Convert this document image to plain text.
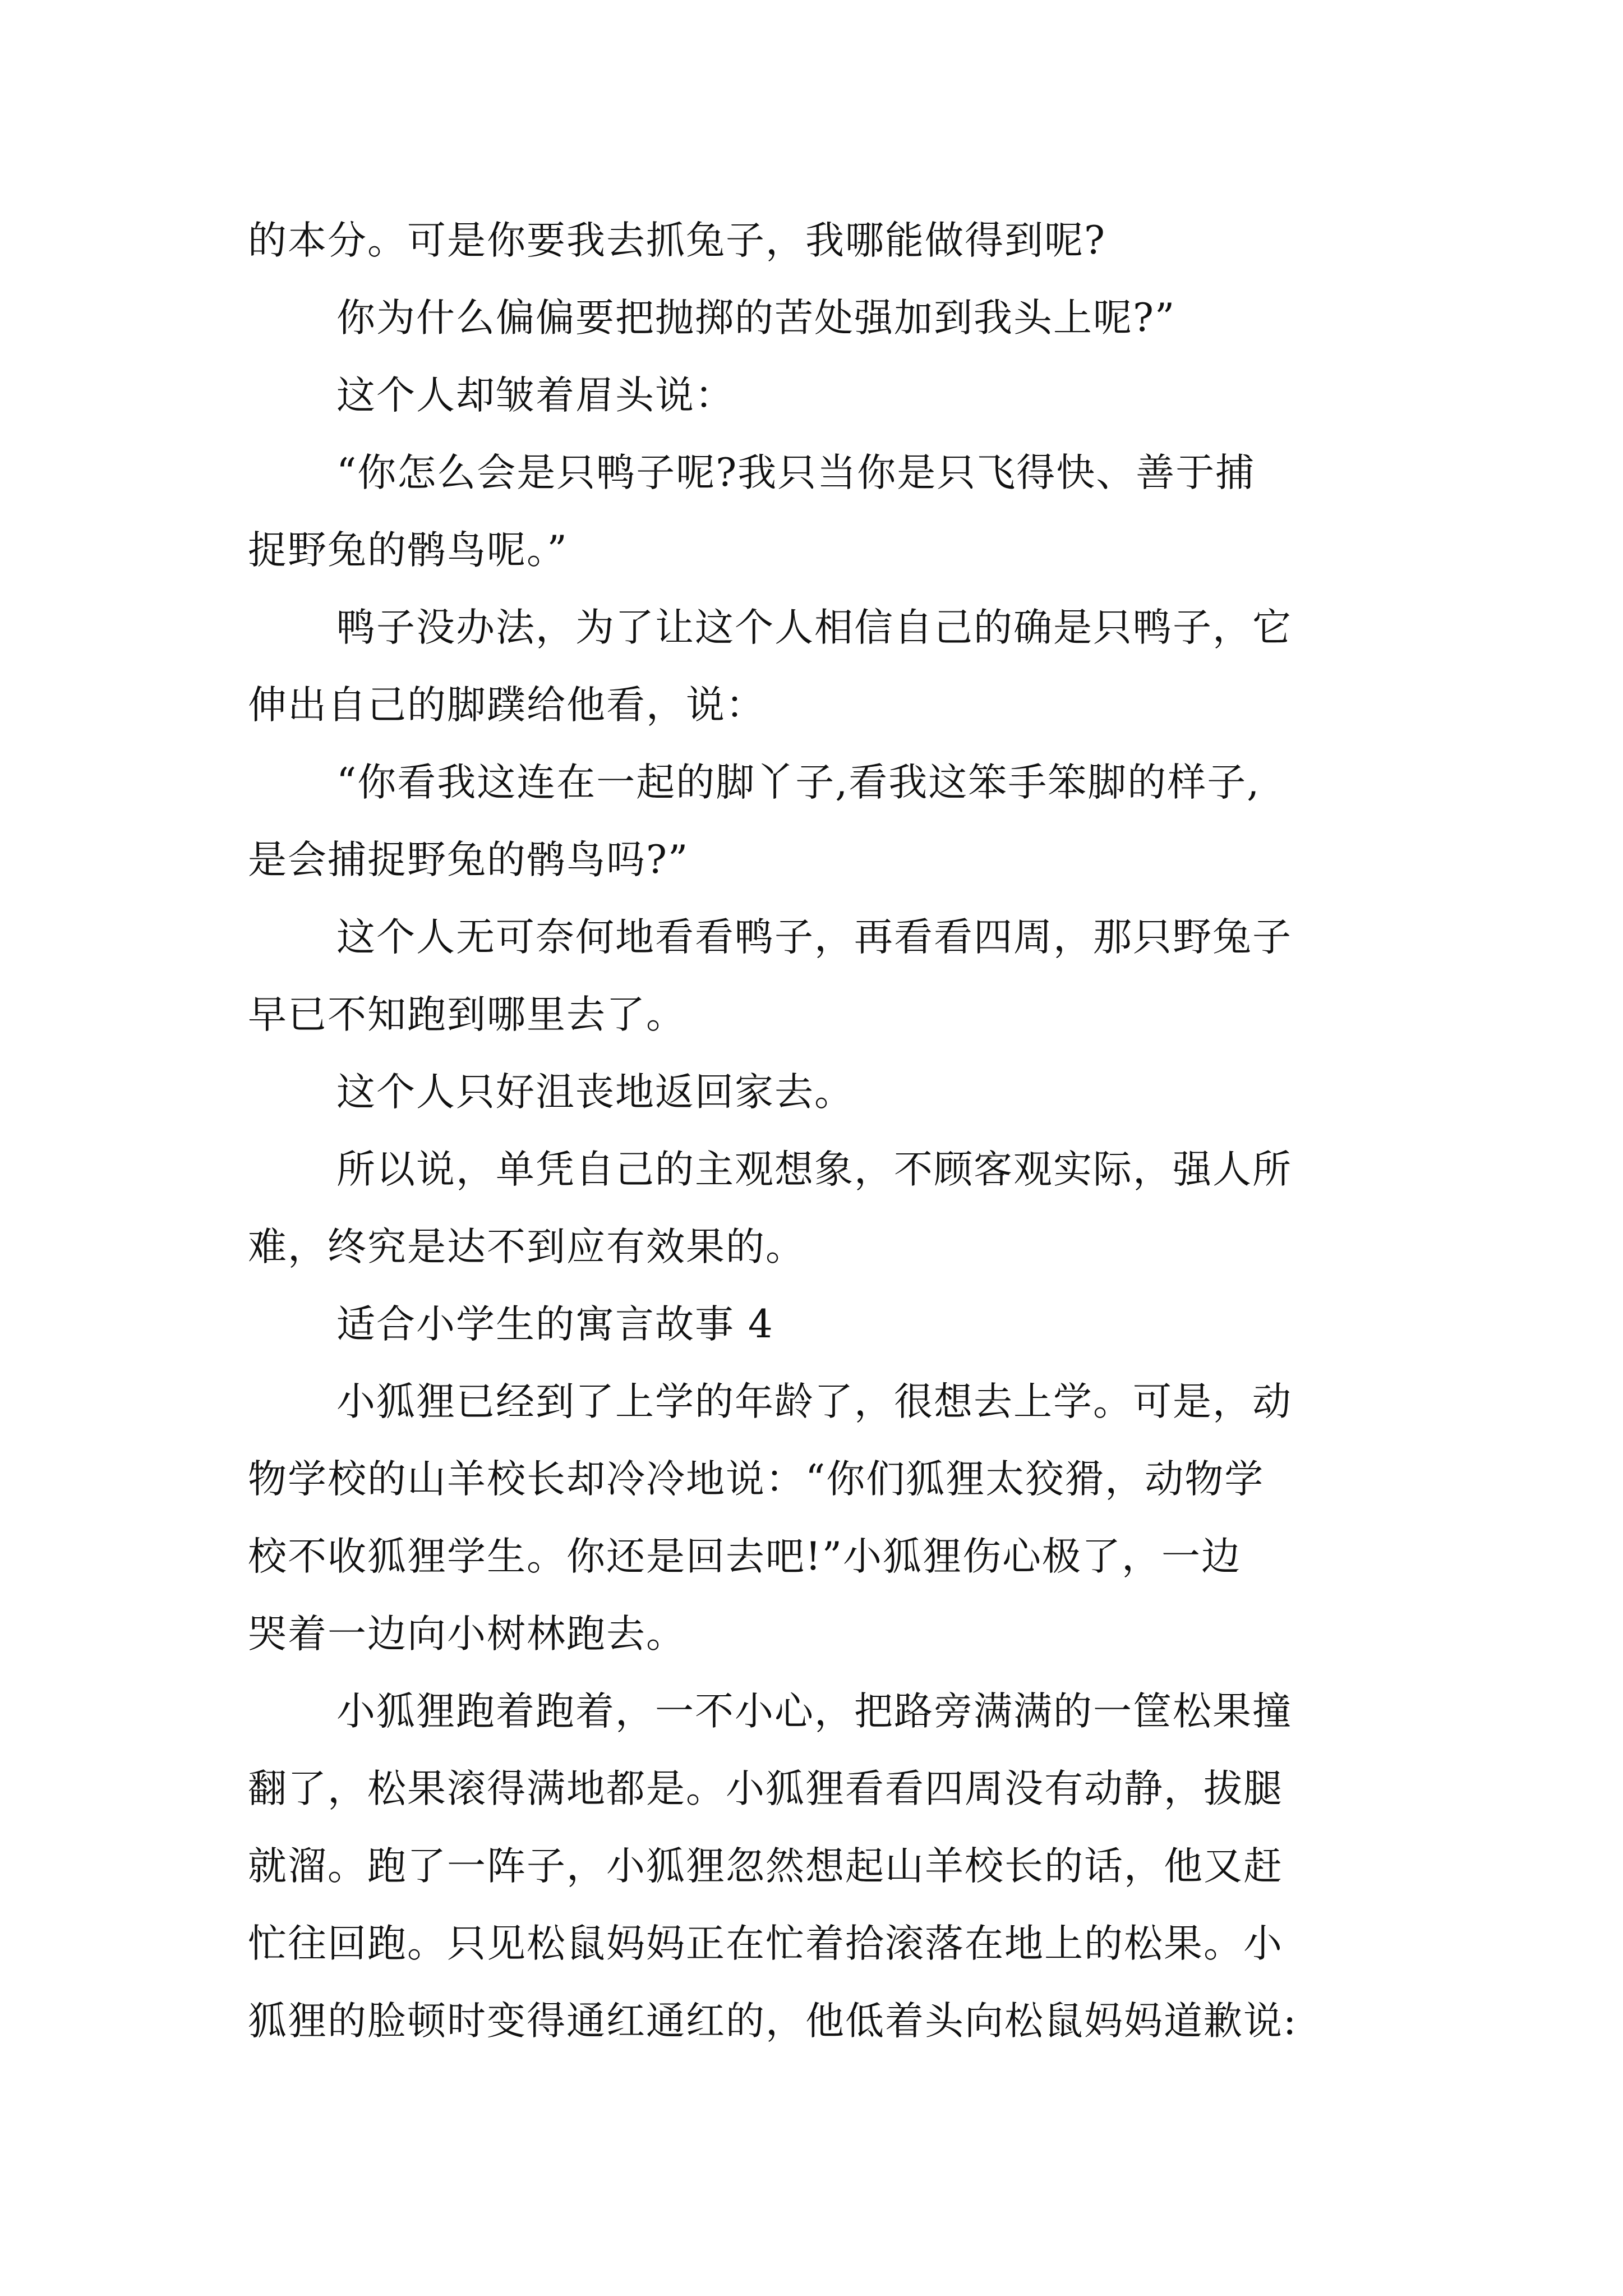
的本分。可是你要我去抓兔子，我哪能做得到呢?

你为什么偏偏要把抛掷的苦处强加到我头上呢?”

这个人却皱着眉头说：

“你怎么会是只鸭子呢?我只当你是只飞得快、善于捕

捉野兔的鹘鸟呢。”

鸭子没办法，为了让这个人相信自己的确是只鸭子，它

伸出自己的脚蹼给他看，说：

“你看我这连在一起的脚丫子,看我这笨手笨脚的样子,

是会捕捉野兔的鹘鸟吗?”

这个人无可奈何地看看鸭子，再看看四周，那只野兔子

早已不知跑到哪里去了。

这个人只好沮丧地返回家去。

所以说，单凭自己的主观想象，不顾客观实际，强人所

难，终究是达不到应有效果的。

适合小学生的寓言故事 4

小狐狸已经到了上学的年龄了，很想去上学。可是，动

物学校的山羊校长却冷冷地说：“你们狐狸太狡猾，动物学

校不收狐狸学生。你还是回去吧!”小狐狸伤心极了，一边

哭着一边向小树林跑去。

小狐狸跑着跑着，一不小心，把路旁满满的一筐松果撞

翻了，松果滚得满地都是。小狐狸看看四周没有动静，拔腿

就溜。跑了一阵子，小狐狸忽然想起山羊校长的话，他又赶

忙往回跑。只见松鼠妈妈正在忙着拾滚落在地上的松果。小

狐狸的脸顿时变得通红通红的，他低着头向松鼠妈妈道歉说:
